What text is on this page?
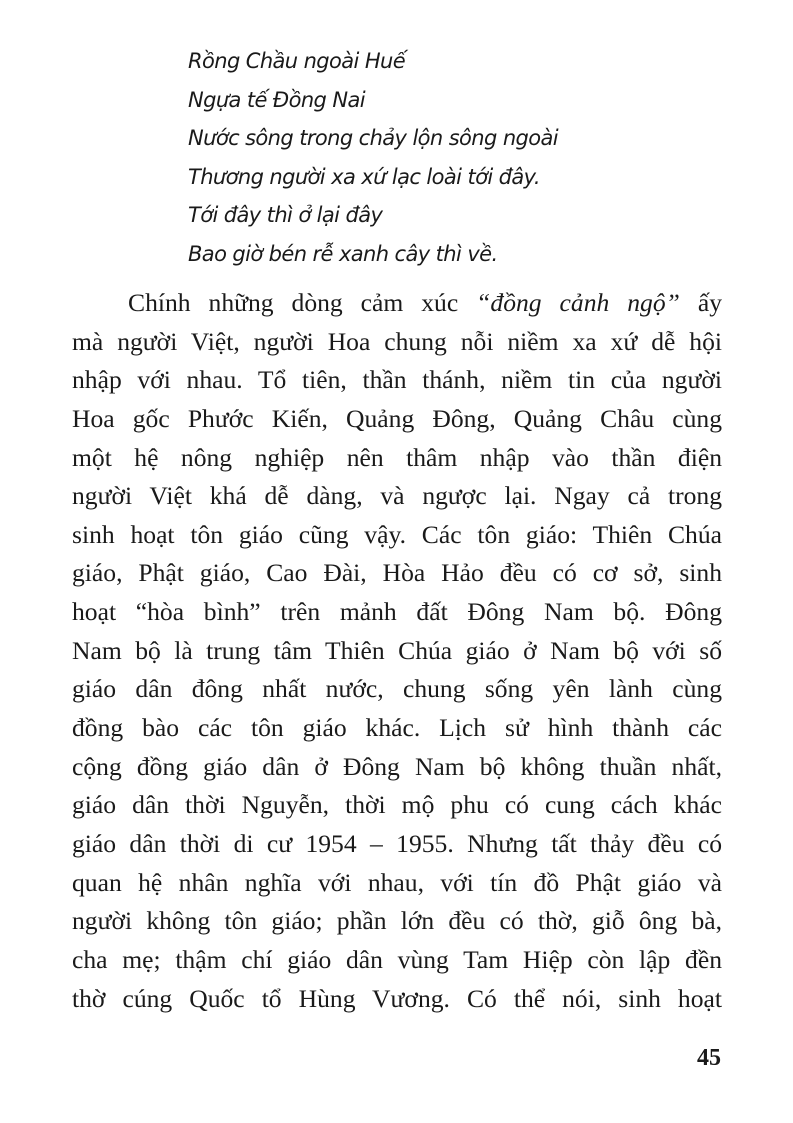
Rồng Chầu ngoài Huế
Ngựa tế Đồng Nai
Nước sông trong chảy lộn sông ngoài
Thương người xa xứ lạc loài tới đây.
Tới đây thì ở lại đây
Bao giờ bén rễ xanh cây thì về.
Chính những dòng cảm xúc “đồng cảnh ngộ” ấy
mà người Việt, người Hoa chung nỗi niềm xa xứ dễ hội
nhập với nhau. Tổ tiên, thần thánh, niềm tin của người
Hoa gốc Phước Kiến, Quảng Đông, Quảng Châu cùng
một hệ nông nghiệp nên thâm nhập vào thần điện
người Việt khá dễ dàng, và ngược lại. Ngay cả trong
sinh hoạt tôn giáo cũng vậy. Các tôn giáo: Thiên Chúa
giáo, Phật giáo, Cao Đài, Hòa Hảo đều có cơ sở, sinh
hoạt “hòa bình” trên mảnh đất Đông Nam bộ. Đông
Nam bộ là trung tâm Thiên Chúa giáo ở Nam bộ với số
giáo dân đông nhất nước, chung sống yên lành cùng
đồng bào các tôn giáo khác. Lịch sử hình thành các
cộng đồng giáo dân ở Đông Nam bộ không thuần nhất,
giáo dân thời Nguyễn, thời mộ phu có cung cách khác
giáo dân thời di cư 1954 – 1955. Nhưng tất thảy đều có
quan hệ nhân nghĩa với nhau, với tín đồ Phật giáo và
người không tôn giáo; phần lớn đều có thờ, giỗ ông bà,
cha mẹ; thậm chí giáo dân vùng Tam Hiệp còn lập đền
thờ cúng Quốc tổ Hùng Vương. Có thể nói, sinh hoạt
45
